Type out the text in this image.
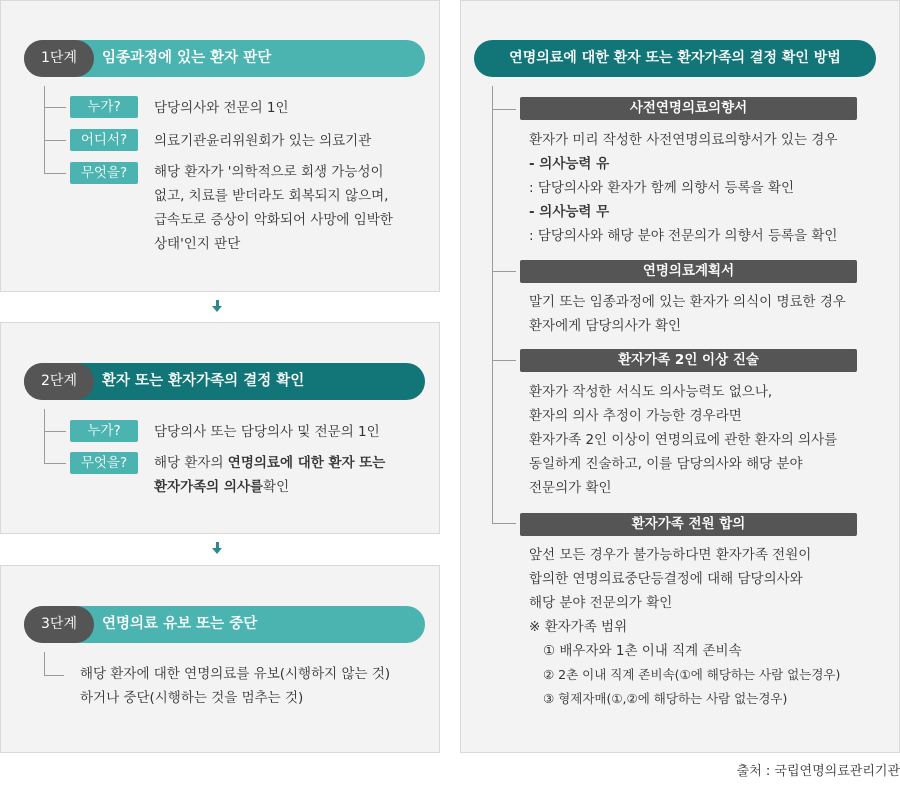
1단계	임종과정에 있는 환자 판단
누가?	담당의사와 전문의 1인
어디서?	의료기관윤리위원회가 있는 의료기관
무엇을?	해당 환자가 '의학적으로 회생 가능성이
없고, 치료를 받더라도 회복되지 않으며,
급속도로 증상이 악화되어 사망에 임박한
상태'인지 판단
2단계	환자 또는 환자가족의 결정 확인
누가?	담당의사 또는 담당의사 및 전문의 1인
무엇을?	해당 환자의 연명의료에 대한 환자 또는
환자가족의 의사를확인
3단계	연명의료 유보 또는 중단
해당 환자에 대한 연명의료를 유보(시행하지 않는 것)
하거나 중단(시행하는 것을 멈추는 것)
연명의료에 대한 환자 또는 환자가족의 결정 확인 방법
사전연명의료의향서
환자가 미리 작성한 사전연명의료의향서가 있는 경우
- 의사능력 유
: 담당의사와 환자가 함께 의향서 등록을 확인
- 의사능력 무
: 담당의사와 해당 분야 전문의가 의향서 등록을 확인
연명의료계획서
말기 또는 임종과정에 있는 환자가 의식이 명료한 경우
환자에게 담당의사가 확인
환자가족 2인 이상 진술
환자가 작성한 서식도 의사능력도 없으나,
환자의 의사 추정이 가능한 경우라면
환자가족 2인 이상이 연명의료에 관한 환자의 의사를
동일하게 진술하고, 이를 담당의사와 해당 분야
전문의가 확인
환자가족 전원 합의
앞선 모든 경우가 불가능하다면 환자가족 전원이
합의한 연명의료중단등결정에 대해 담당의사와
해당 분야 전문의가 확인
※ 환자가족 범위
① 배우자와 1촌 이내 직계 존비속
② 2촌 이내 직계 존비속(①에 해당하는 사람 없는경우)
③ 형제자매(①,②에 해당하는 사람 없는경우)
출처 : 국립연명의료관리기관
